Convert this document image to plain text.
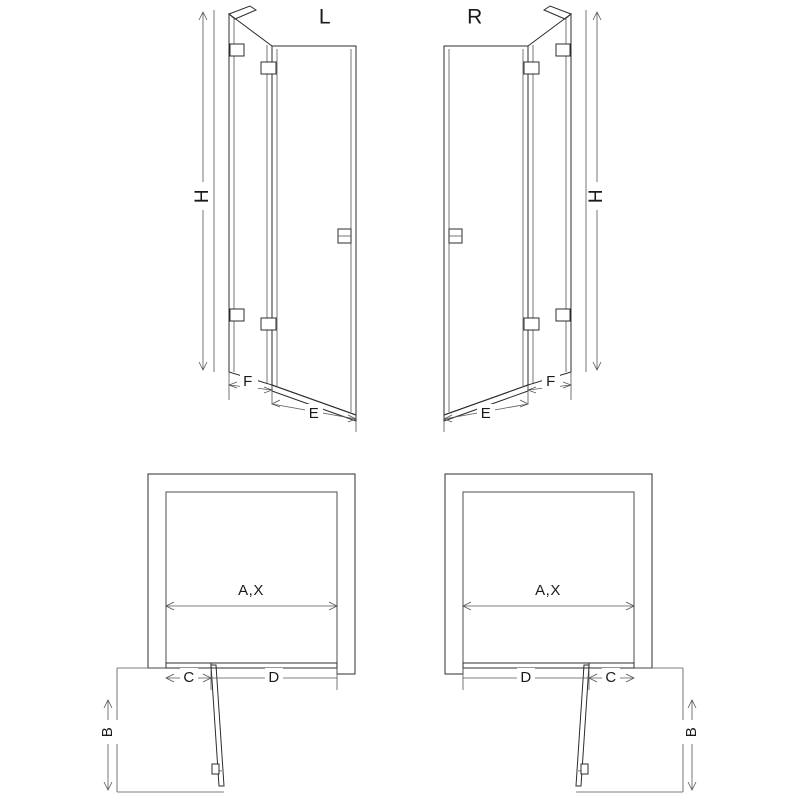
H
F
E
L
H
F
E
R
A,X
C	D
B
A,X
C
D
B
